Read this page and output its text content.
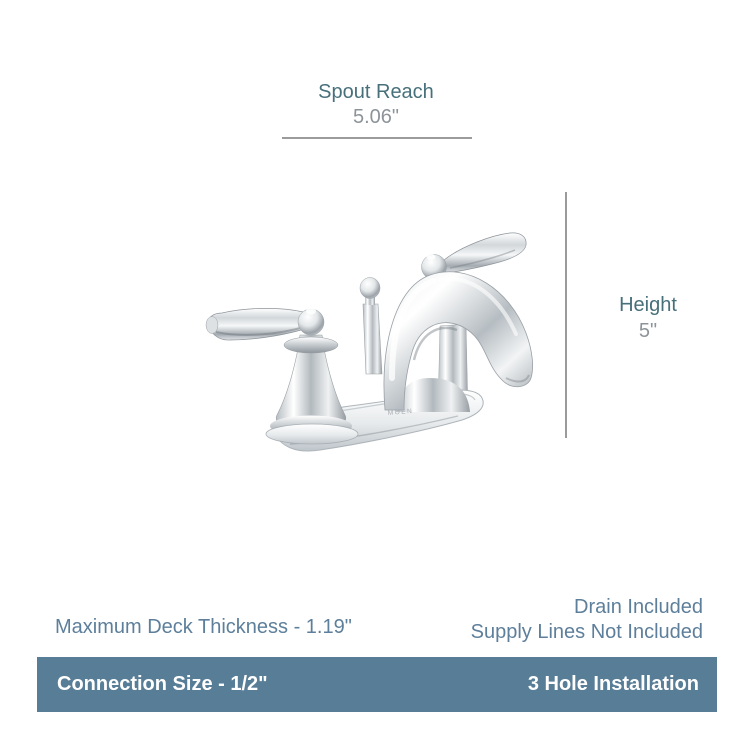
Spout Reach
5.06"
Height
5"
MOEN
Maximum Deck Thickness - 1.19"
Drain Included
Supply Lines Not Included
Connection Size - 1/2"	3 Hole Installation
